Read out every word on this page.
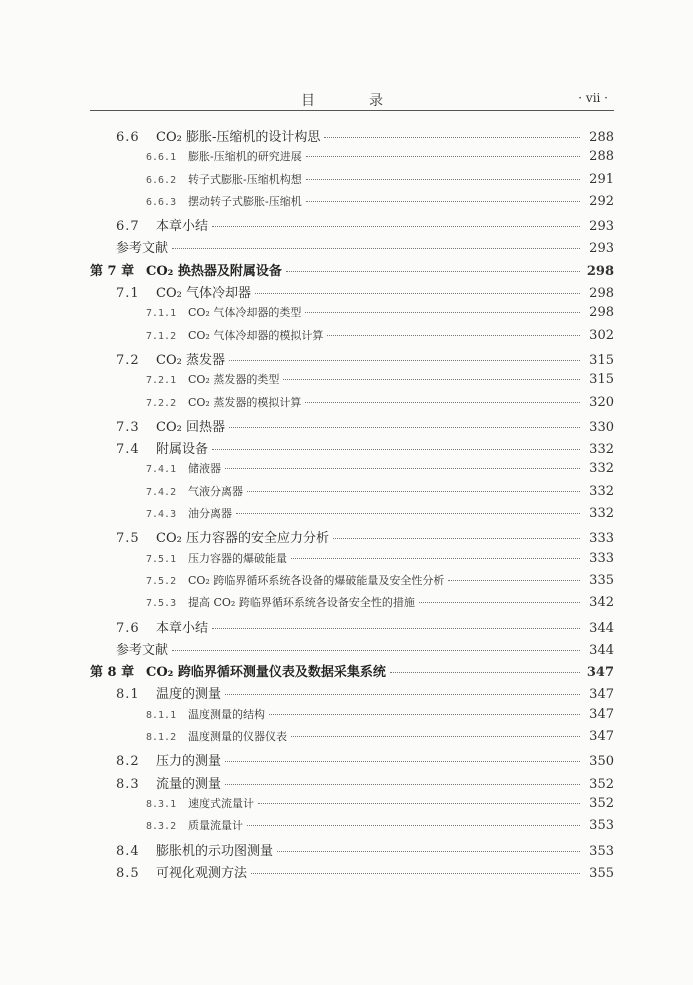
目　录	· vii ·
6.6	CO₂ 膨胀-压缩机的设计构思	288
6.6.1	膨胀-压缩机的研究进展	288
6.6.2	转子式膨胀-压缩机构想	291
6.6.3	摆动转子式膨胀-压缩机	292
6.7	本章小结	293
参考文献	293
第 7 章 CO₂ 换热器及附属设备	298
7.1	CO₂ 气体冷却器	298
7.1.1	CO₂ 气体冷却器的类型	298
7.1.2	CO₂ 气体冷却器的模拟计算	302
7.2	CO₂ 蒸发器	315
7.2.1	CO₂ 蒸发器的类型	315
7.2.2	CO₂ 蒸发器的模拟计算	320
7.3	CO₂ 回热器	330
7.4	附属设备	332
7.4.1	储液器	332
7.4.2	气液分离器	332
7.4.3	油分离器	332
7.5	CO₂ 压力容器的安全应力分析	333
7.5.1	压力容器的爆破能量	333
7.5.2	CO₂ 跨临界循环系统各设备的爆破能量及安全性分析	335
7.5.3	提高 CO₂ 跨临界循环系统各设备安全性的措施	342
7.6	本章小结	344
参考文献	344
第 8 章 CO₂ 跨临界循环测量仪表及数据采集系统	347
8.1	温度的测量	347
8.1.1	温度测量的结构	347
8.1.2	温度测量的仪器仪表	347
8.2	压力的测量	350
8.3	流量的测量	352
8.3.1	速度式流量计	352
8.3.2	质量流量计	353
8.4	膨胀机的示功图测量	353
8.5	可视化观测方法	355
